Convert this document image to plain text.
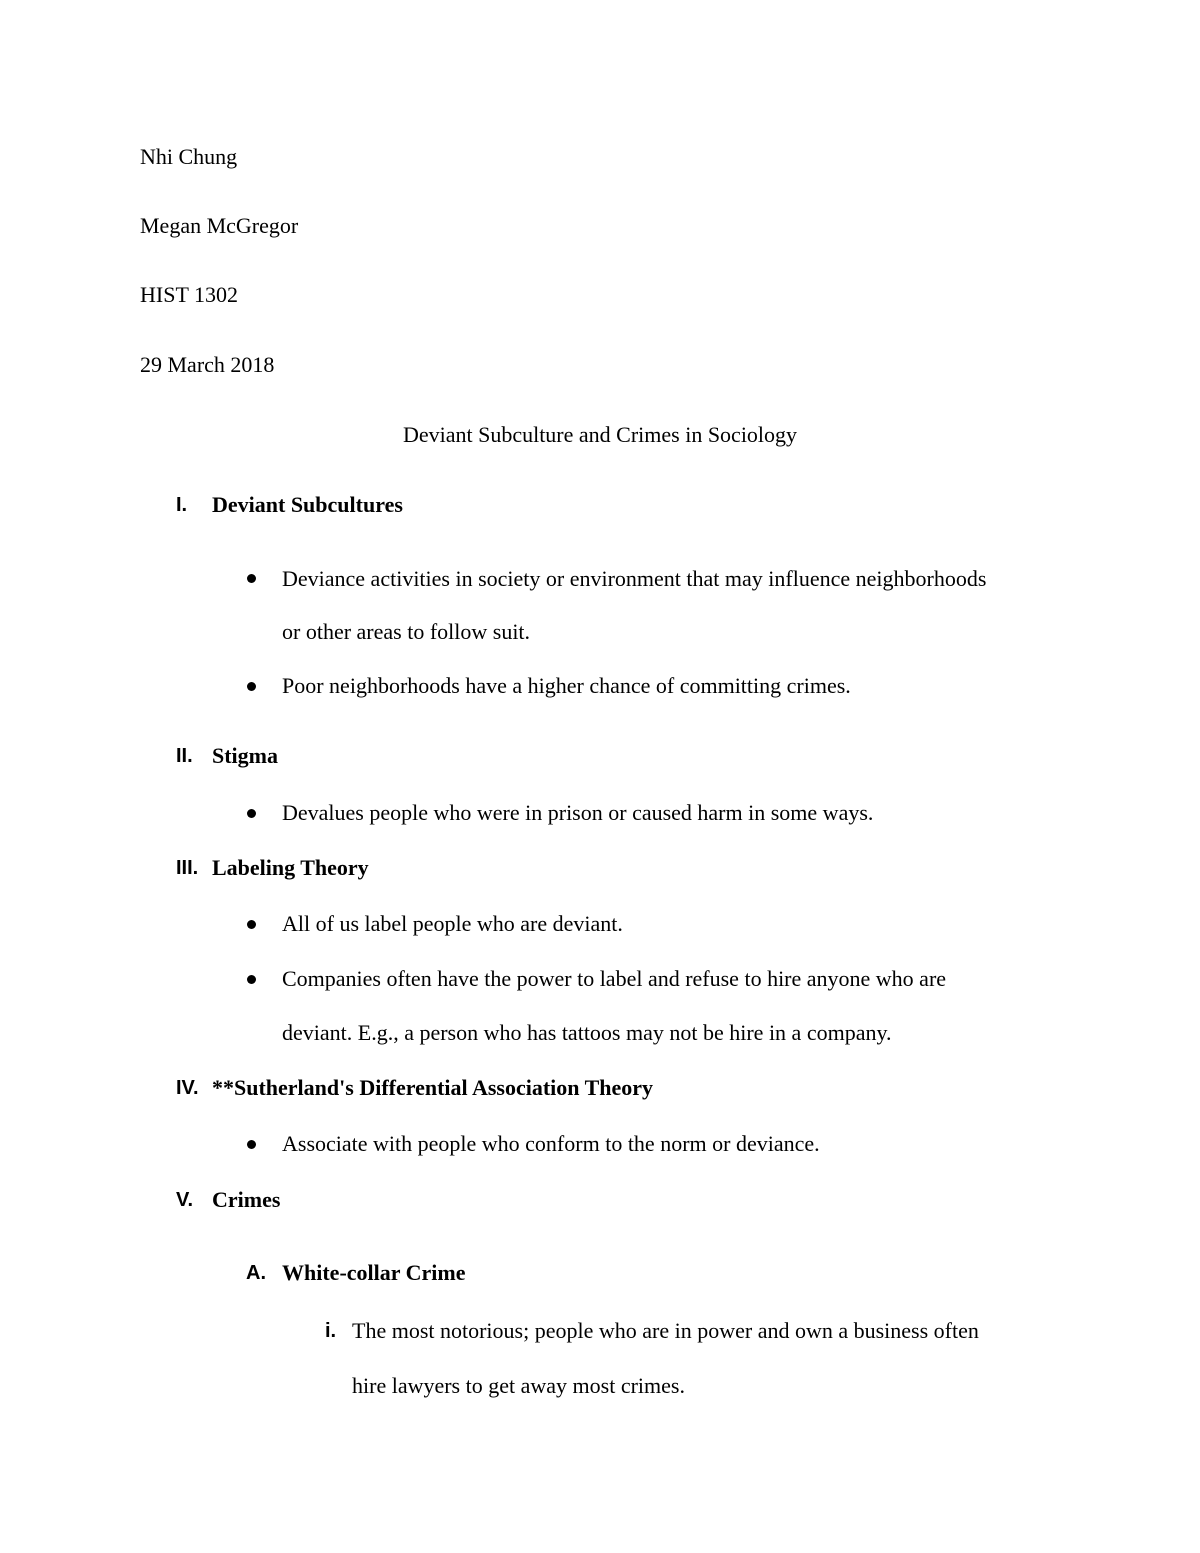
Nhi Chung

Megan McGregor

HIST 1302

29 March 2018

Deviant Subculture and Crimes in Sociology

I. Deviant Subcultures

Deviance activities in society or environment that may influence neighborhoods

or other areas to follow suit.

Poor neighborhoods have a higher chance of committing crimes.

II. Stigma

Devalues people who were in prison or caused harm in some ways.

III. Labeling Theory

All of us label people who are deviant.

Companies often have the power to label and refuse to hire anyone who are

deviant. E.g., a person who has tattoos may not be hire in a company.

IV. **Sutherland's Differential Association Theory

Associate with people who conform to the norm or deviance.

V. Crimes

A. White-collar Crime

i. The most notorious; people who are in power and own a business often

hire lawyers to get away most crimes.
